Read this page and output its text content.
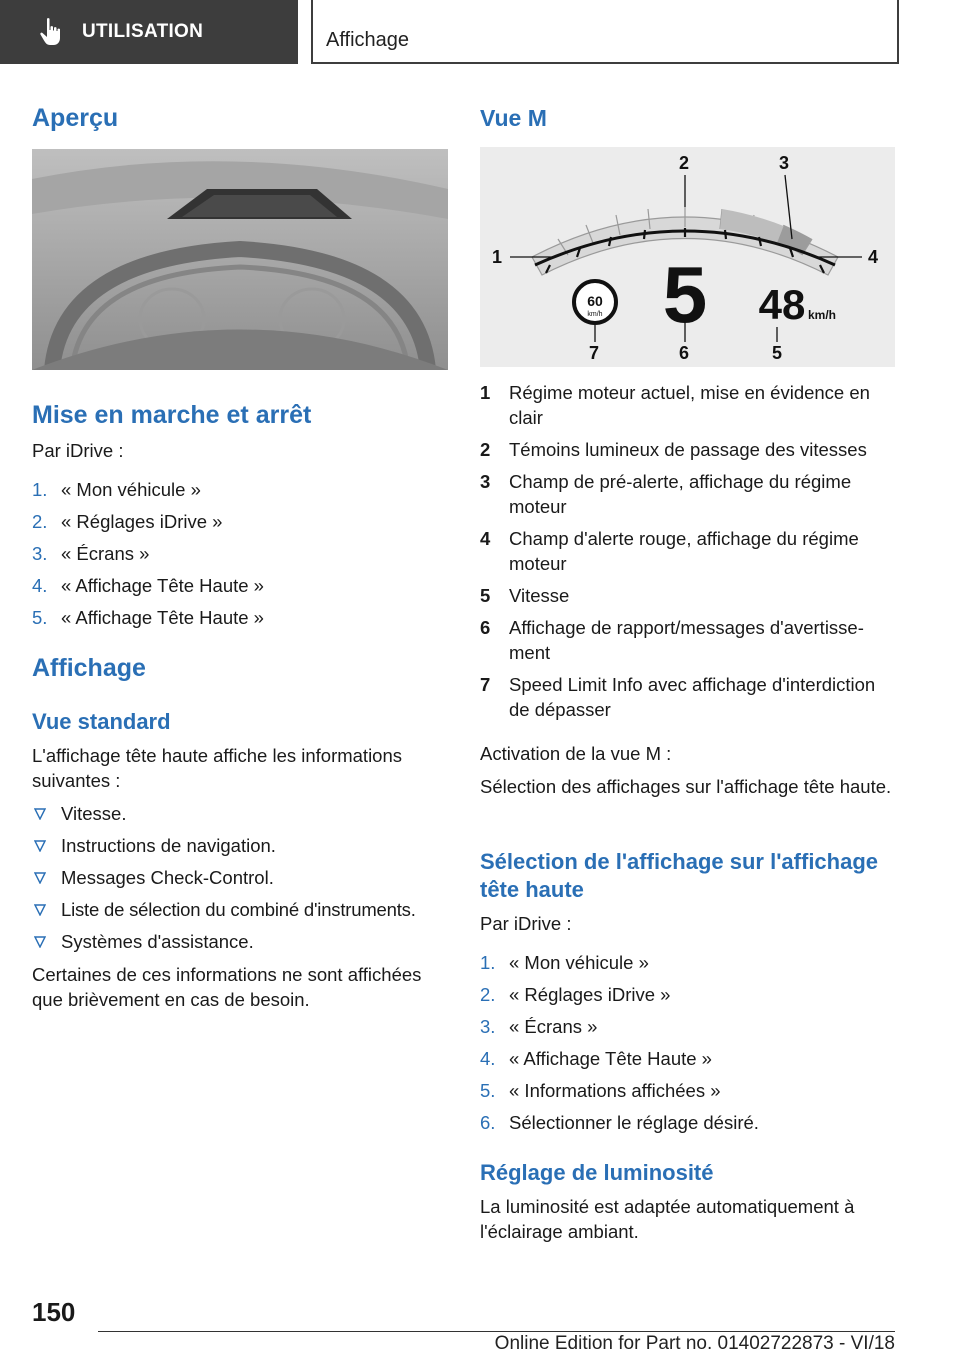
UTILISATION	Affichage
Aperçu
Mise en marche et arrêt

Par iDrive :

1. « Mon véhicule »
2. « Réglages iDrive »
3. « Écrans »
4. « Affichage Tête Haute »
5. « Affichage Tête Haute »
Affichage
Vue standard

L'affichage tête haute affiche les informations suivantes :

Vitesse.
Instructions de navigation.
Messages Check-Control.
Liste de sélection du combiné d'instruments.
Systèmes d'assistance.

Certaines de ces informations ne sont affichées que brièvement en cas de besoin.

Vue M
1
2	3
4
5
6
7
60
km/h 5 48 km/h
1 Régime moteur actuel, mise en évidence en clair
2 Témoins lumineux de passage des vitesses
3 Champ de pré-alerte, affichage du régime moteur
4 Champ d'alerte rouge, affichage du régime moteur
5 Vitesse
6 Affichage de rapport/messages d'avertisse‐ment
7 Speed Limit Info avec affichage d'interdiction de dépasser

Activation de la vue M :

Sélection des affichages sur l'affichage tête haute.

Sélection de l'affichage sur l'affichage tête haute

Par iDrive :

1. « Mon véhicule »
2. « Réglages iDrive »
3. « Écrans »
4. « Affichage Tête Haute »
5. « Informations affichées »
6. Sélectionner le réglage désiré.
Réglage de luminosité

La luminosité est adaptée automatiquement à l'éclairage ambiant.

150
Online Edition for Part no. 01402722873 - VI/18
